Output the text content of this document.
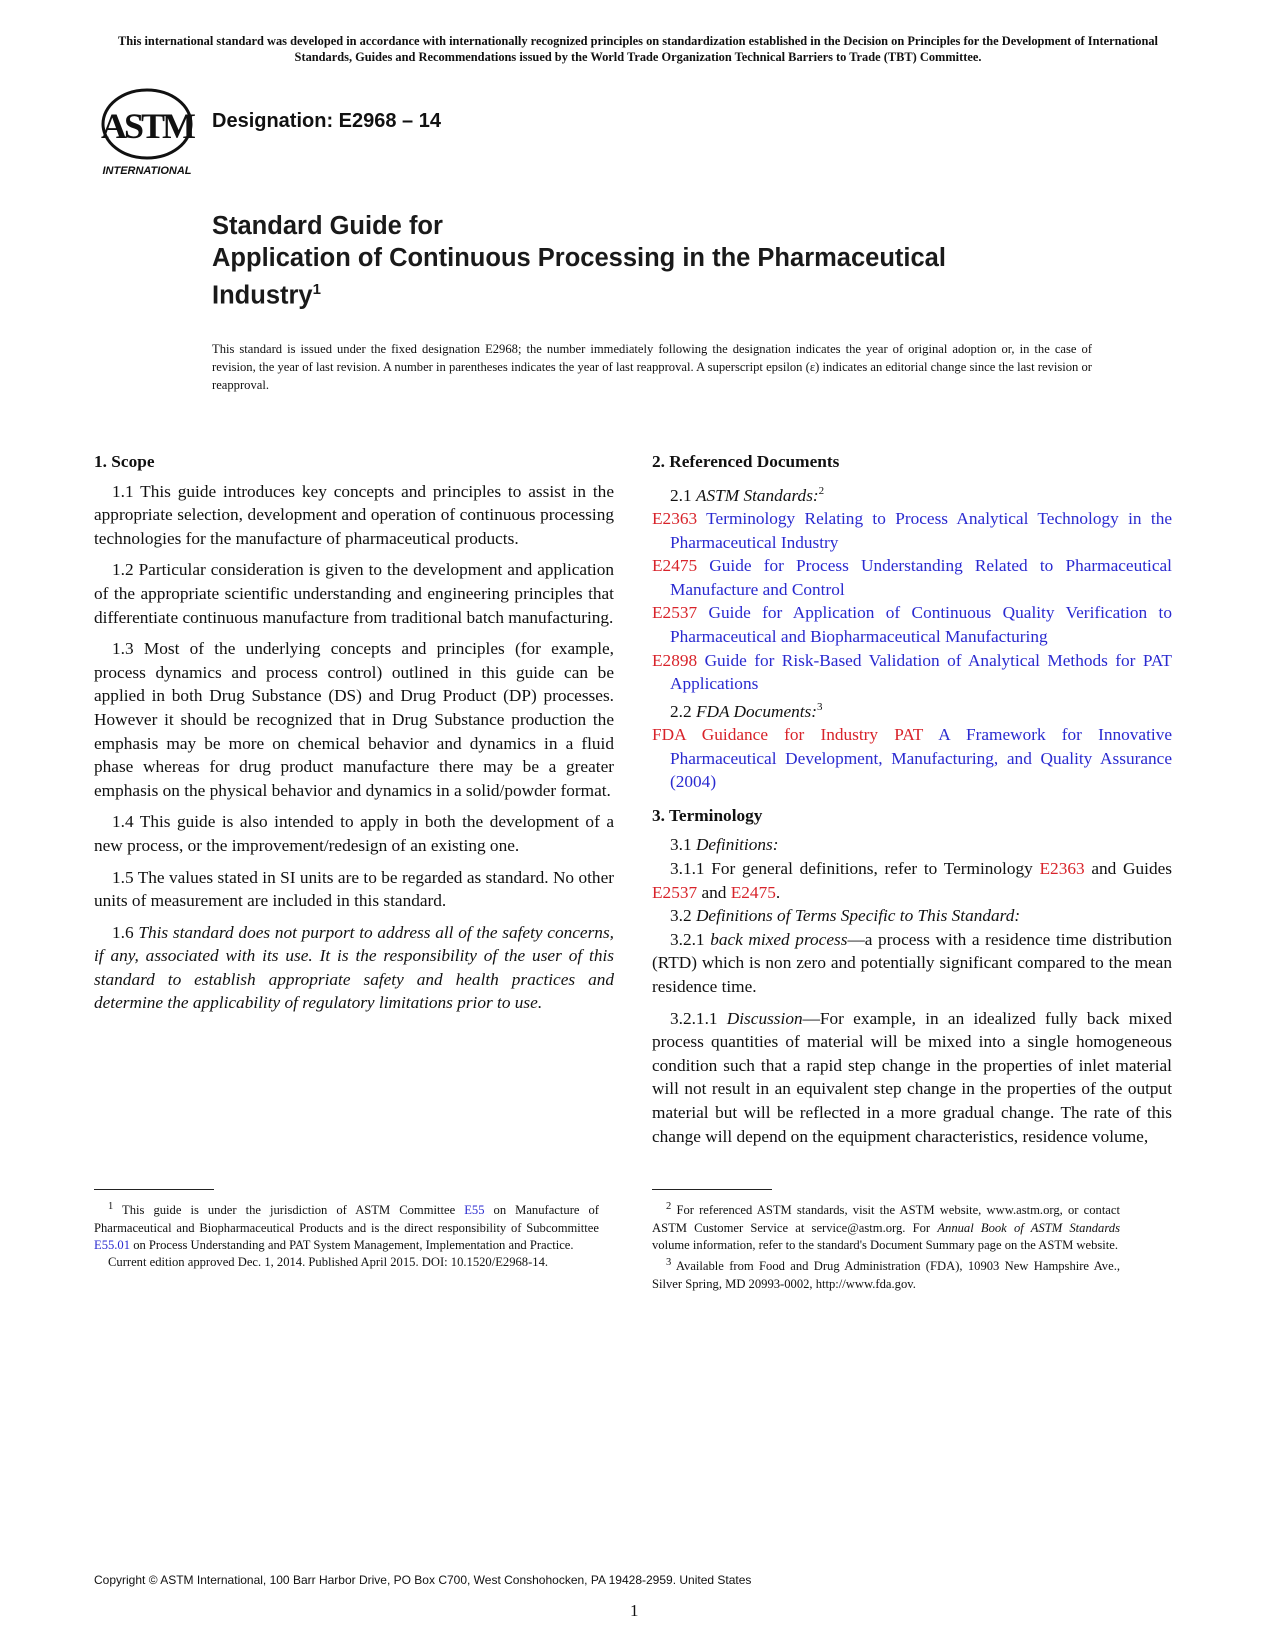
This international standard was developed in accordance with internationally recognized principles on standardization established in the Decision on Principles for the Development of International Standards, Guides and Recommendations issued by the World Trade Organization Technical Barriers to Trade (TBT) Committee.
ASTM
INTERNATIONAL
Designation: E2968 – 14
Standard Guide for
Application of Continuous Processing in the Pharmaceutical
Industry$^1$
This standard is issued under the fixed designation E2968; the number immediately following the designation indicates the year of original adoption or, in the case of revision, the year of last revision. A number in parentheses indicates the year of last reapproval. A superscript epsilon (ε) indicates an editorial change since the last revision or reapproval.
1. Scope

1.1 This guide introduces key concepts and principles to assist in the appropriate selection, development and operation of continuous processing technologies for the manufacture of pharmaceutical products.

1.2 Particular consideration is given to the development and application of the appropriate scientific understanding and engineering principles that differentiate continuous manufacture from traditional batch manufacturing.

1.3 Most of the underlying concepts and principles (for example, process dynamics and process control) outlined in this guide can be applied in both Drug Substance (DS) and Drug Product (DP) processes. However it should be recognized that in Drug Substance production the emphasis may be more on chemical behavior and dynamics in a fluid phase whereas for drug product manufacture there may be a greater emphasis on the physical behavior and dynamics in a solid/powder format.

1.4 This guide is also intended to apply in both the development of a new process, or the improvement/redesign of an existing one.

1.5 The values stated in SI units are to be regarded as standard. No other units of measurement are included in this standard.

1.6 This standard does not purport to address all of the safety concerns, if any, associated with its use. It is the responsibility of the user of this standard to establish appropriate safety and health practices and determine the applicability of regulatory limitations prior to use.

2. Referenced Documents

2.1 ASTM Standards:$^2$

E2363 Terminology Relating to Process Analytical Technology in the Pharmaceutical Industry

E2475 Guide for Process Understanding Related to Pharmaceutical Manufacture and Control

E2537 Guide for Application of Continuous Quality Verification to Pharmaceutical and Biopharmaceutical Manufacturing

E2898 Guide for Risk-Based Validation of Analytical Methods for PAT Applications

2.2 FDA Documents:$^3$

FDA Guidance for Industry PAT A Framework for Innovative Pharmaceutical Development, Manufacturing, and Quality Assurance (2004)

3. Terminology

3.1 Definitions:

3.1.1 For general definitions, refer to Terminology E2363 and Guides E2537 and E2475.

3.2 Definitions of Terms Specific to This Standard:

3.2.1 back mixed process—a process with a residence time distribution (RTD) which is non zero and potentially significant compared to the mean residence time.

3.2.1.1 Discussion—For example, in an idealized fully back mixed process quantities of material will be mixed into a single homogeneous condition such that a rapid step change in the properties of inlet material will not result in an equivalent step change in the properties of the output material but will be reflected in a more gradual change. The rate of this change will depend on the equipment characteristics, residence volume,

$^1$ This guide is under the jurisdiction of ASTM Committee E55 on Manufacture of Pharmaceutical and Biopharmaceutical Products and is the direct responsibility of Subcommittee E55.01 on Process Understanding and PAT System Management, Implementation and Practice.

Current edition approved Dec. 1, 2014. Published April 2015. DOI: 10.1520/E2968-14.

$^2$ For referenced ASTM standards, visit the ASTM website, www.astm.org, or contact ASTM Customer Service at service@astm.org. For Annual Book of ASTM Standards volume information, refer to the standard's Document Summary page on the ASTM website.

$^3$ Available from Food and Drug Administration (FDA), 10903 New Hampshire Ave., Silver Spring, MD 20993-0002, http://www.fda.gov.

Copyright © ASTM International, 100 Barr Harbor Drive, PO Box C700, West Conshohocken, PA 19428-2959. United States
1
